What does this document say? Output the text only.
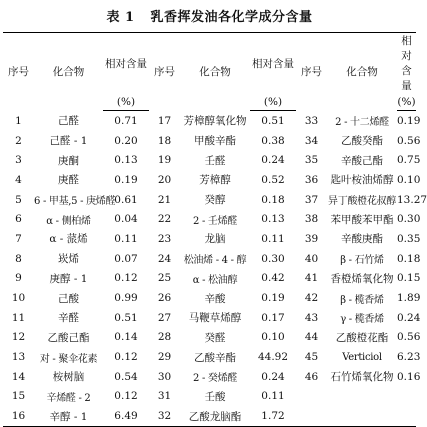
表 1 乳香挥发油各化学成分含量
序号	化合物	相对含量	序号	化合物	相对含量	序号	化合物	相对含量
		(%)			(%)			(%)
1	己醛	0.71	17	芳樟醇氧化物	0.51	33	2 - 十二烯醛	0.19
2	己醛 - 1	0.20	18	甲酸辛酯	0.38	34	乙酸癸酯	0.56
3	庚酮	0.13	19	壬醛	0.24	35	辛酸己酯	0.75
4	庚醛	0.19	20	芳樟醇	0.52	36	匙叶桉油烯醇	0.10
5	6 - 甲基,5 - 庚烯醛	0.61	21	癸醇	0.18	37	异丁酸橙花叔醇	13.27
6	α - 侧柏烯	0.04	22	2 - 壬烯醛	0.13	38	苯甲酸苯甲酯	0.30
7	α - 蒎烯	0.11	23	龙脑	0.11	39	辛酸庚酯	0.35
8	崁烯	0.07	24	松油烯 - 4 - 醇	0.30	40	β - 石竹烯	0.18
9	庚醇 - 1	0.12	25	α - 松油醇	0.42	41	香橙烯氧化物	0.15
10	己酸	0.99	26	辛酸	0.19	42	β - 榄香烯	1.89
11	辛醛	0.51	27	马鞭草烯醇	0.17	43	γ - 榄香烯	0.24
12	乙酸己酯	0.14	28	癸醛	0.10	44	乙酸橙花酯	0.56
13	对 - 聚伞花素	0.12	29	乙酸辛酯	44.92	45	Verticiol	6.23
14	桉树脑	0.54	30	2 - 癸烯醛	0.24	46	石竹烯氧化物	0.16
15	辛烯醛 - 2	0.12	31	壬酸	0.11			
16	辛醇 - 1	6.49	32	乙酸龙脑酯	1.72			
